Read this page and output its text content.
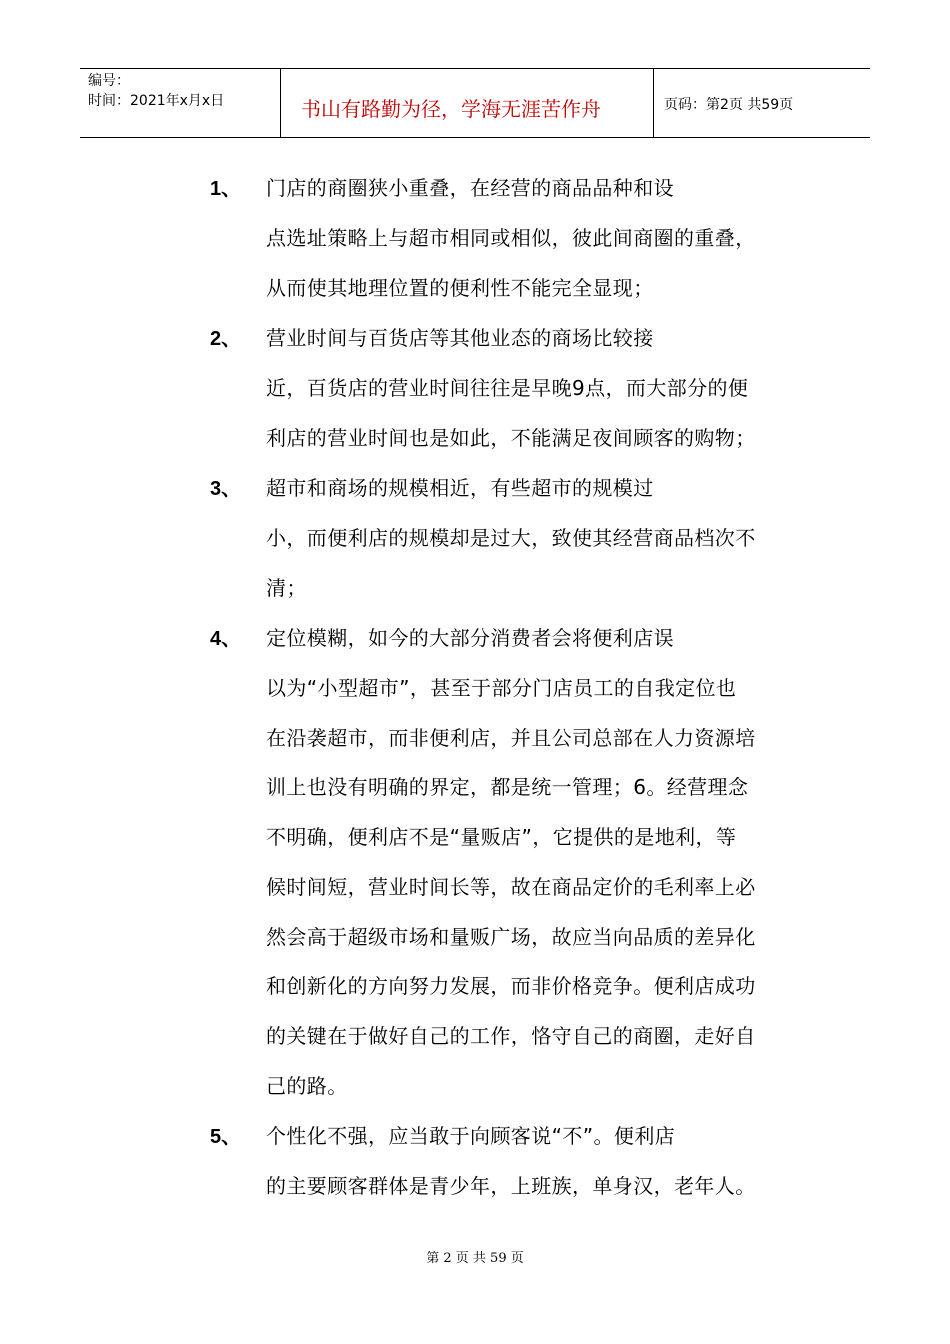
编号：
时间：2021年x月x日	书山有路勤为径，学海无涯苦作舟	页码：第2页 共59页
1、 门店的商圈狭小重叠，在经营的商品品种和设
点选址策略上与超市相同或相似，彼此间商圈的重叠，
从而使其地理位置的便利性不能完全显现；
2、 营业时间与百货店等其他业态的商场比较接
近，百货店的营业时间往往是早晚9点，而大部分的便
利店的营业时间也是如此，不能满足夜间顾客的购物；
3、 超市和商场的规模相近，有些超市的规模过
小，而便利店的规模却是过大，致使其经营商品档次不
清；
4、 定位模糊，如今的大部分消费者会将便利店误
以为“小型超市”，甚至于部分门店员工的自我定位也
在沿袭超市，而非便利店，并且公司总部在人力资源培
训上也没有明确的界定，都是统一管理；6。经营理念
不明确，便利店不是“量贩店”，它提供的是地利，等
候时间短，营业时间长等，故在商品定价的毛利率上必
然会高于超级市场和量贩广场，故应当向品质的差异化
和创新化的方向努力发展，而非价格竞争。便利店成功
的关键在于做好自己的工作，恪守自己的商圈，走好自
己的路。
5、 个性化不强，应当敢于向顾客说“不”。便利店
的主要顾客群体是青少年，上班族，单身汉，老年人。
第 2 页 共 59 页
